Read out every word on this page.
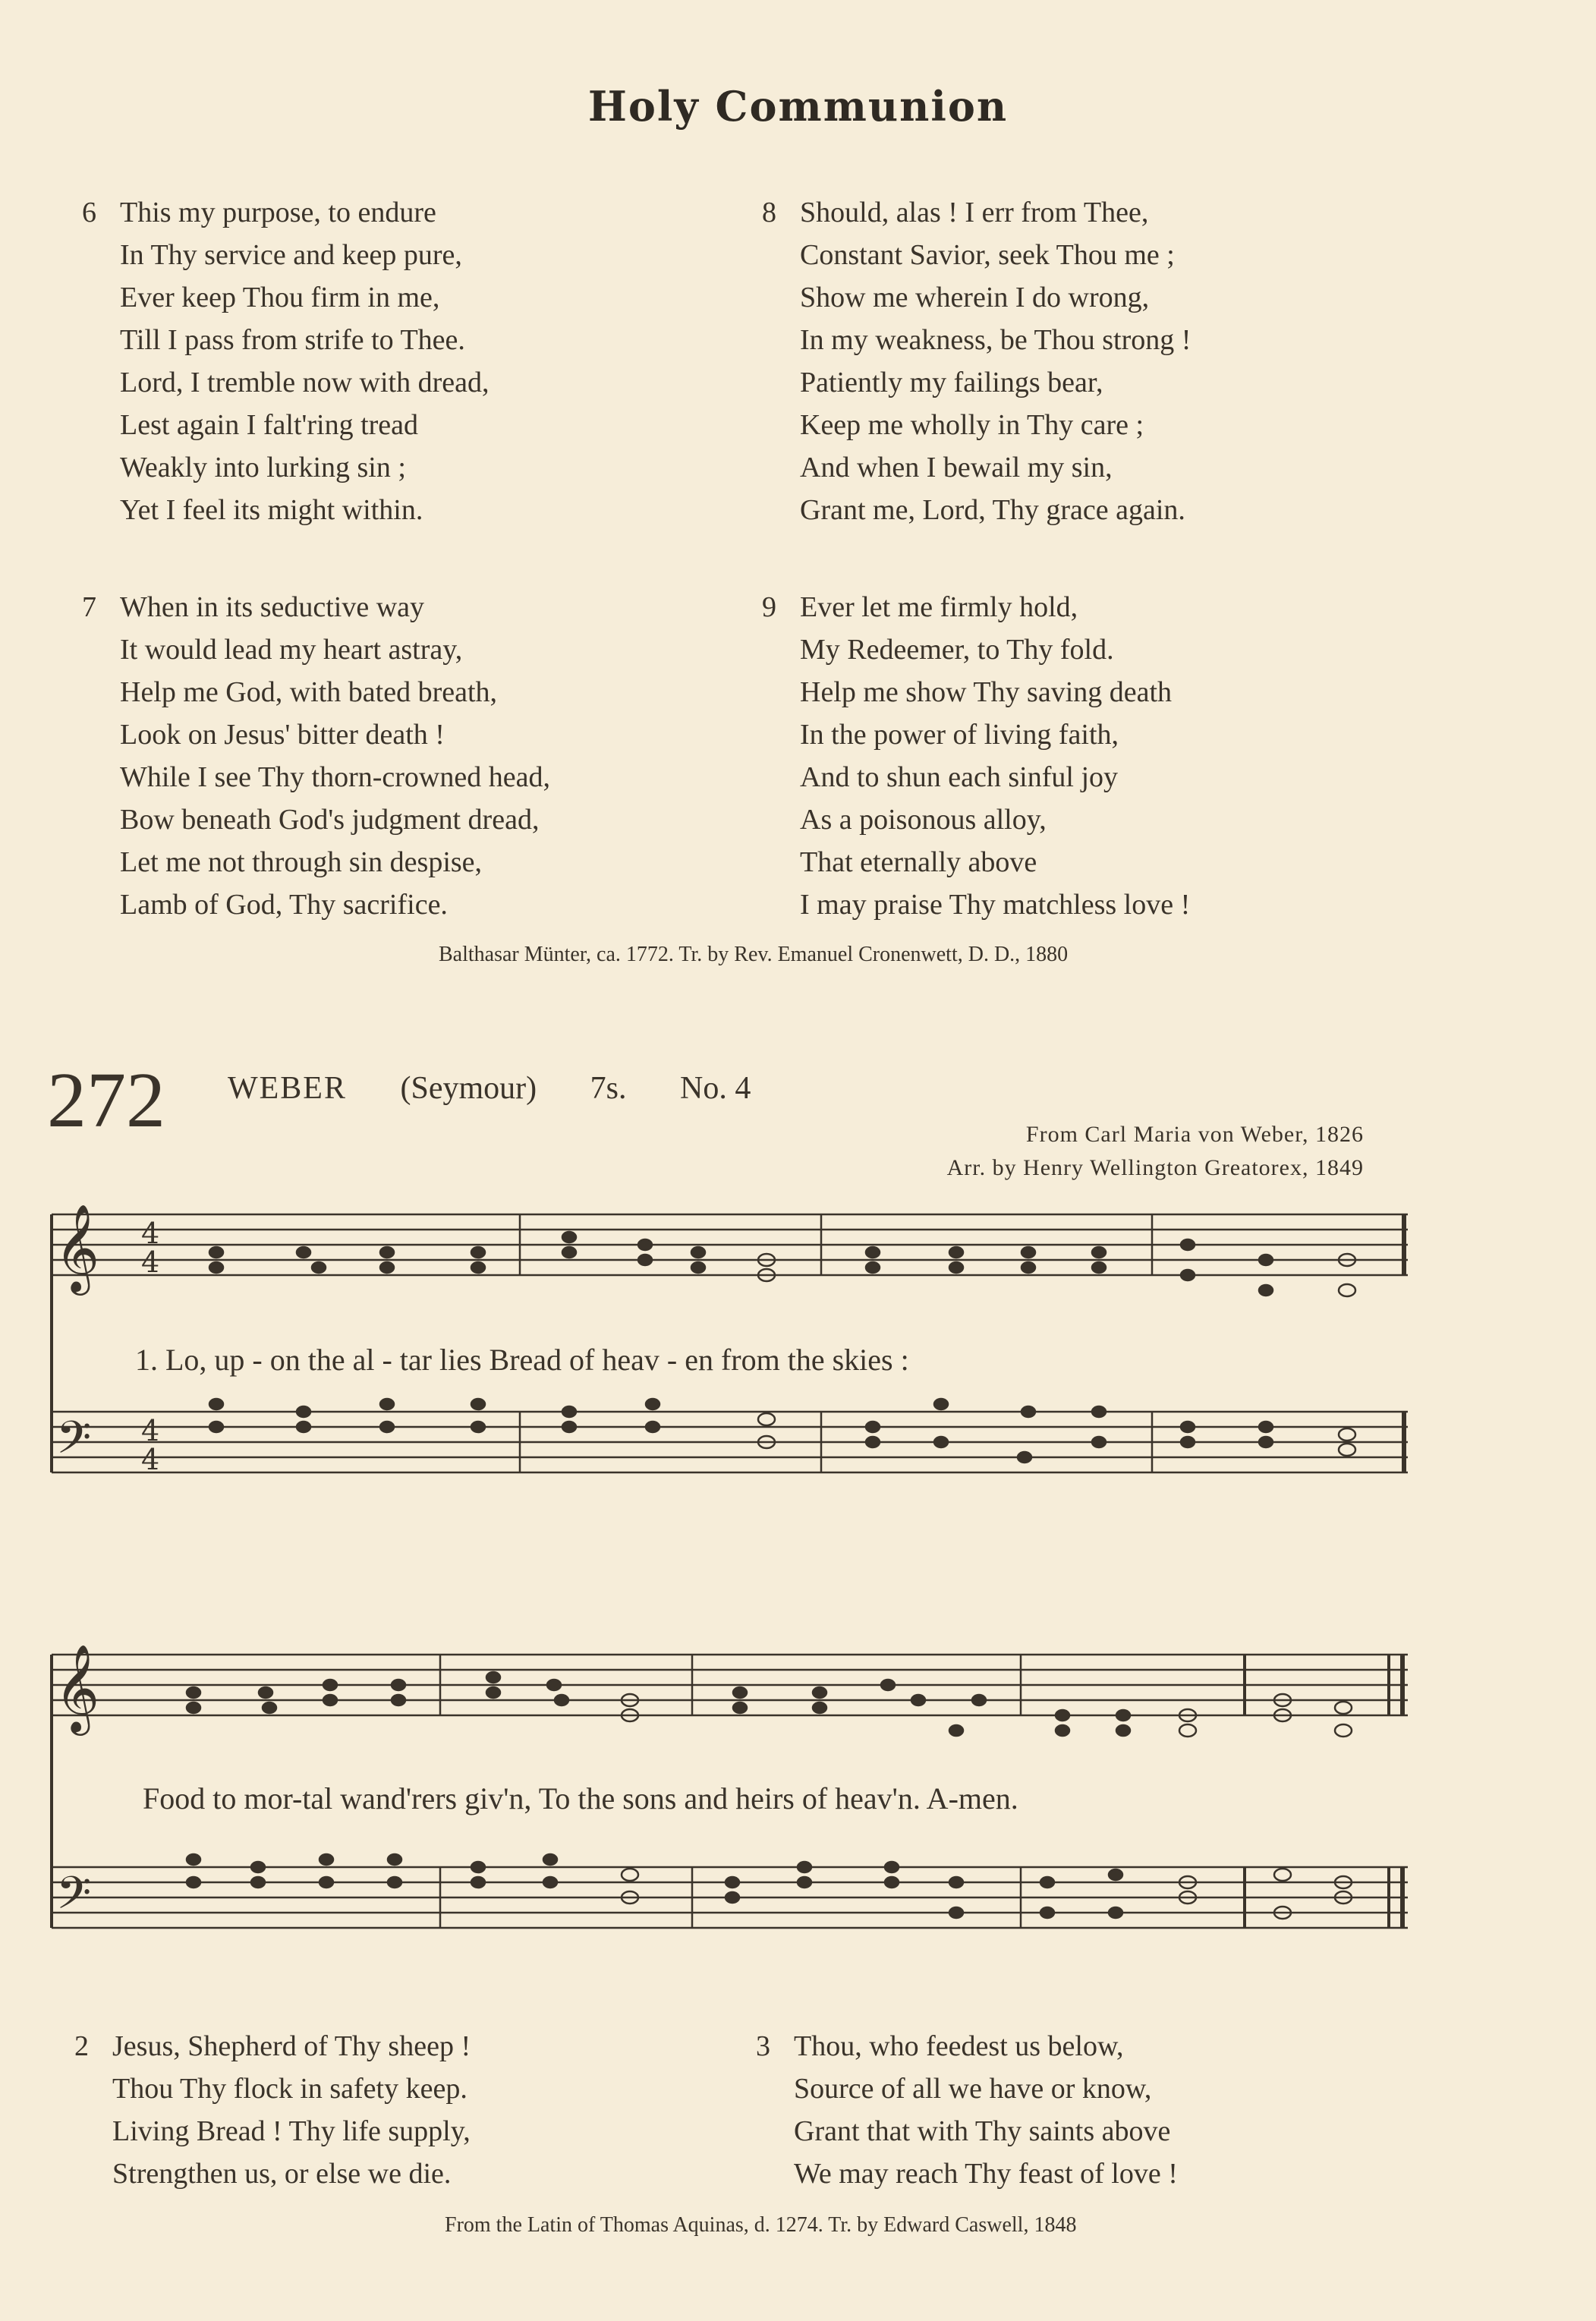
Holy Communion
6 This my purpose, to endure
In Thy service and keep pure,
Ever keep Thou firm in me,
Till I pass from strife to Thee.
Lord, I tremble now with dread,
Lest again I falt'ring tread
Weakly into lurking sin ;
Yet I feel its might within.
8 Should, alas ! I err from Thee,
Constant Savior, seek Thou me ;
Show me wherein I do wrong,
In my weakness, be Thou strong !
Patiently my failings bear,
Keep me wholly in Thy care ;
And when I bewail my sin,
Grant me, Lord, Thy grace again.
7 When in its seductive way
It would lead my heart astray,
Help me God, with bated breath,
Look on Jesus' bitter death !
While I see Thy thorn-crowned head,
Bow beneath God's judgment dread,
Let me not through sin despise,
Lamb of God, Thy sacrifice.
9 Ever let me firmly hold,
My Redeemer, to Thy fold.
Help me show Thy saving death
In the power of living faith,
And to shun each sinful joy
As a poisonous alloy,
That eternally above
I may praise Thy matchless love !
Balthasar Münter, ca. 1772. Tr. by Rev. Emanuel Cronenwett, D. D., 1880
272 WEBER (Seymour) 7s. No. 4
From Carl Maria von Weber, 1826
Arr. by Henry Wellington Greatorex, 1849
𝄞
𝄢
4
4
4
4
𝄞
𝄢
1. Lo, up - on the al - tar lies Bread of heav - en from the skies :
Food to mor-tal wand'rers giv'n, To the sons and heirs of heav'n. A-men.
2 Jesus, Shepherd of Thy sheep !
Thou Thy flock in safety keep.
Living Bread ! Thy life supply,
Strengthen us, or else we die.
3 Thou, who feedest us below,
Source of all we have or know,
Grant that with Thy saints above
We may reach Thy feast of love !
From the Latin of Thomas Aquinas, d. 1274. Tr. by Edward Caswell, 1848
